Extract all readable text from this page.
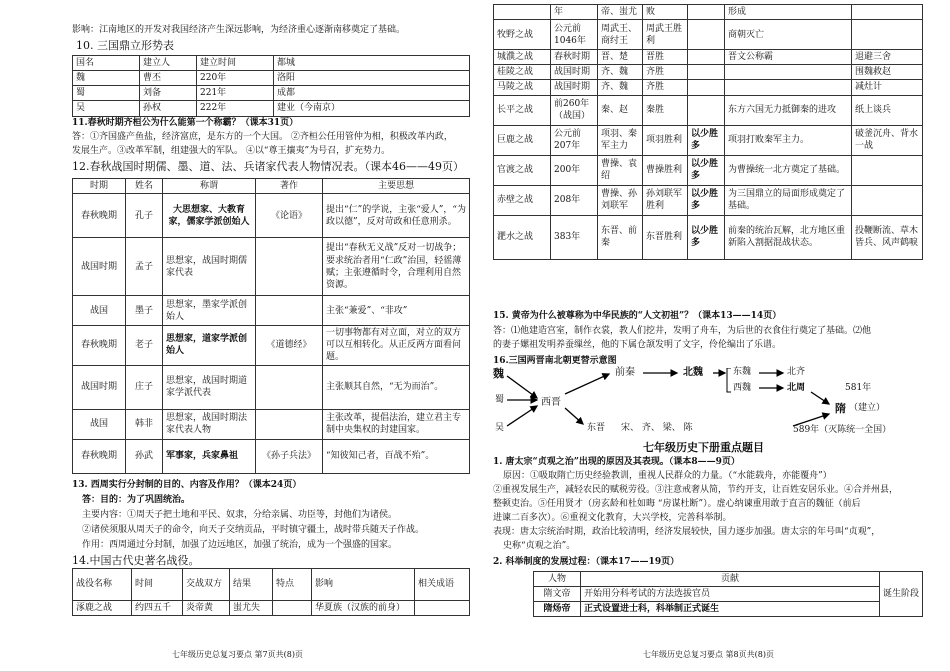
影响：江南地区的开发对我国经济产生深远影响，为经济重心逐渐南移奠定了基础。

10. 三国鼎立形势表

国名	建立人	建立时间	都城
魏	曹丕	220年	洛阳
蜀	刘备	221年	成都
吴	孙权	222年	建业（今南京）

11.春秋时期齐桓公为什么能第一个称霸？（课本31页）

答：①齐国盛产鱼盐，经济富庶，是东方的一个大国。 ②齐桓公任用管仲为相，积极改革内政，

发展生产。③改革军制，组建强大的军队。 ④以“尊王攘夷”为号召，扩充势力。

12.春秋战国时期儒、墨、道、法、兵诸家代表人物情况表。（课本46——49页）

时期	姓名	称谓	著作	主要思想
春秋晚期	孔子	大思想家、大教育家，儒家学派创始人	《论语》	提出“仁”的学说，主张“爱人”，“为政以德”，反对苛政和任意刑杀。
战国时期	孟子	思想家，战国时期儒家代表		提出“春秋无义战”反对一切战争；要求统治者用“仁政”治国，轻徭薄赋；主张遵循时令，合理利用自然资源。
战国	墨子	思想家，墨家学派创始人		主张“兼爱”、“非攻”
春秋晚期	老子	思想家，道家学派创始人	《道德经》	一切事物都有对立面，对立的双方可以互相转化。从正反两方面看问题。
战国时期	庄子	思想家，战国时期道家学派代表		主张顺其自然，“无为而治”。
战国	韩非	思想家，战国时期法家代表人物		主张改革，提倡法治，建立君主专制中央集权的封建国家。
春秋晚期	孙武	军事家，兵家鼻祖	《孙子兵法》	“知彼知己者，百战不殆”。

13. 西周实行分封制的目的、内容及作用？（课本24页）

答：目的：为了巩固统治。

主要内容：①周天子把土地和平民、奴隶，分给亲属、功臣等，封他们为诸侯。

②诸侯须服从周天子的命令，向天子交纳贡品，平时镇守疆土，战时带兵随天子作战。

作用：西周通过分封制，加强了边远地区，加强了统治，成为一个强盛的国家。

14.中国古代史著名战役。

战役名称	时间	交战双方	结果	特点	影响	相关成语
涿鹿之战	约四五千	炎帝黄	蚩尤失		华夏族（汉族的前身）	

七年级历史总复习要点 第7页共(8)页

	年	帝、蚩尤	败		形成	
牧野之战	公元前1046年	周武王、商纣王	周武王胜利		商朝灭亡	
城濮之战	春秋时期	晋、楚	晋胜		晋文公称霸	退避三舍
桂陵之战	战国时期	齐、魏	齐胜			围魏救赵
马陵之战	战国时期	齐、魏	齐胜			减灶计
长平之战	前260年（战国）	秦、赵	秦胜		东方六国无力抵御秦的进攻	纸上谈兵
巨鹿之战	公元前207年	项羽、秦军主力	项羽胜利	以少胜多	项羽打败秦军主力。	破釜沉舟、背水一战
官渡之战	200年	曹操、袁绍	曹操胜利	以少胜多	为曹操统一北方奠定了基础。	
赤壁之战	208年	曹操、孙刘联军	孙刘联军胜利	以少胜多	为三国鼎立的局面形成奠定了基础。	
淝水之战	383年	东晋、前秦	东晋胜利	以少胜多	前秦的统治瓦解，北方地区重新陷入割据混战状态。	投鞭断流、草木皆兵、风声鹤唳

15. 黄帝为什么被尊称为中华民族的“人文初祖”？（课本13——14页）

答：⑴他建造宫室，制作衣裳，教人们挖井，发明了舟车，为后世的衣食住行奠定了基础。⑵他

的妻子嫘祖发明养蚕缫丝，他的下属仓颉发明了文字，伶伦编出了乐谱。

16.三国两晋南北朝更替示意图

魏
蜀
吴
西晋
前秦	北魏	东魏
西魏
北齐
北周
东晋 宋、 齐、 梁、 陈
581年
隋 （建立）
589年（灭陈统一全国）

七年级历史下册重点题目

1. 唐太宗“贞观之治”出现的原因及其表现。（课本8——9页）

原因：①吸取隋亡历史经验教训，重视人民群众的力量。（“水能载舟，亦能覆舟”）

②重视发展生产，减轻农民的赋税劳役。③注意戒奢从简，节约开支，让百姓安居乐业。④合并州县，

整顿吏治。⑤任用贤才（房玄龄和杜如晦 “房谋杜断”）。虚心纳谏重用敢于直言的魏征（前后

进谏二百多次）。⑥重视文化教育，大兴学校，完善科举制。

表现：唐太宗统治时期，政治比较清明，经济发展较快，国力逐步加强。唐太宗的年号叫“贞观”，

史称“贞观之治”。

2. 科举制度的发展过程：（课本17——19页）

人物	贡献	诞生阶段
隋文帝	开始用分科考试的方法选拔官员	
隋炀帝	正式设置进士科，科举制正式诞生	

七年级历史总复习要点 第8页共(8)页
